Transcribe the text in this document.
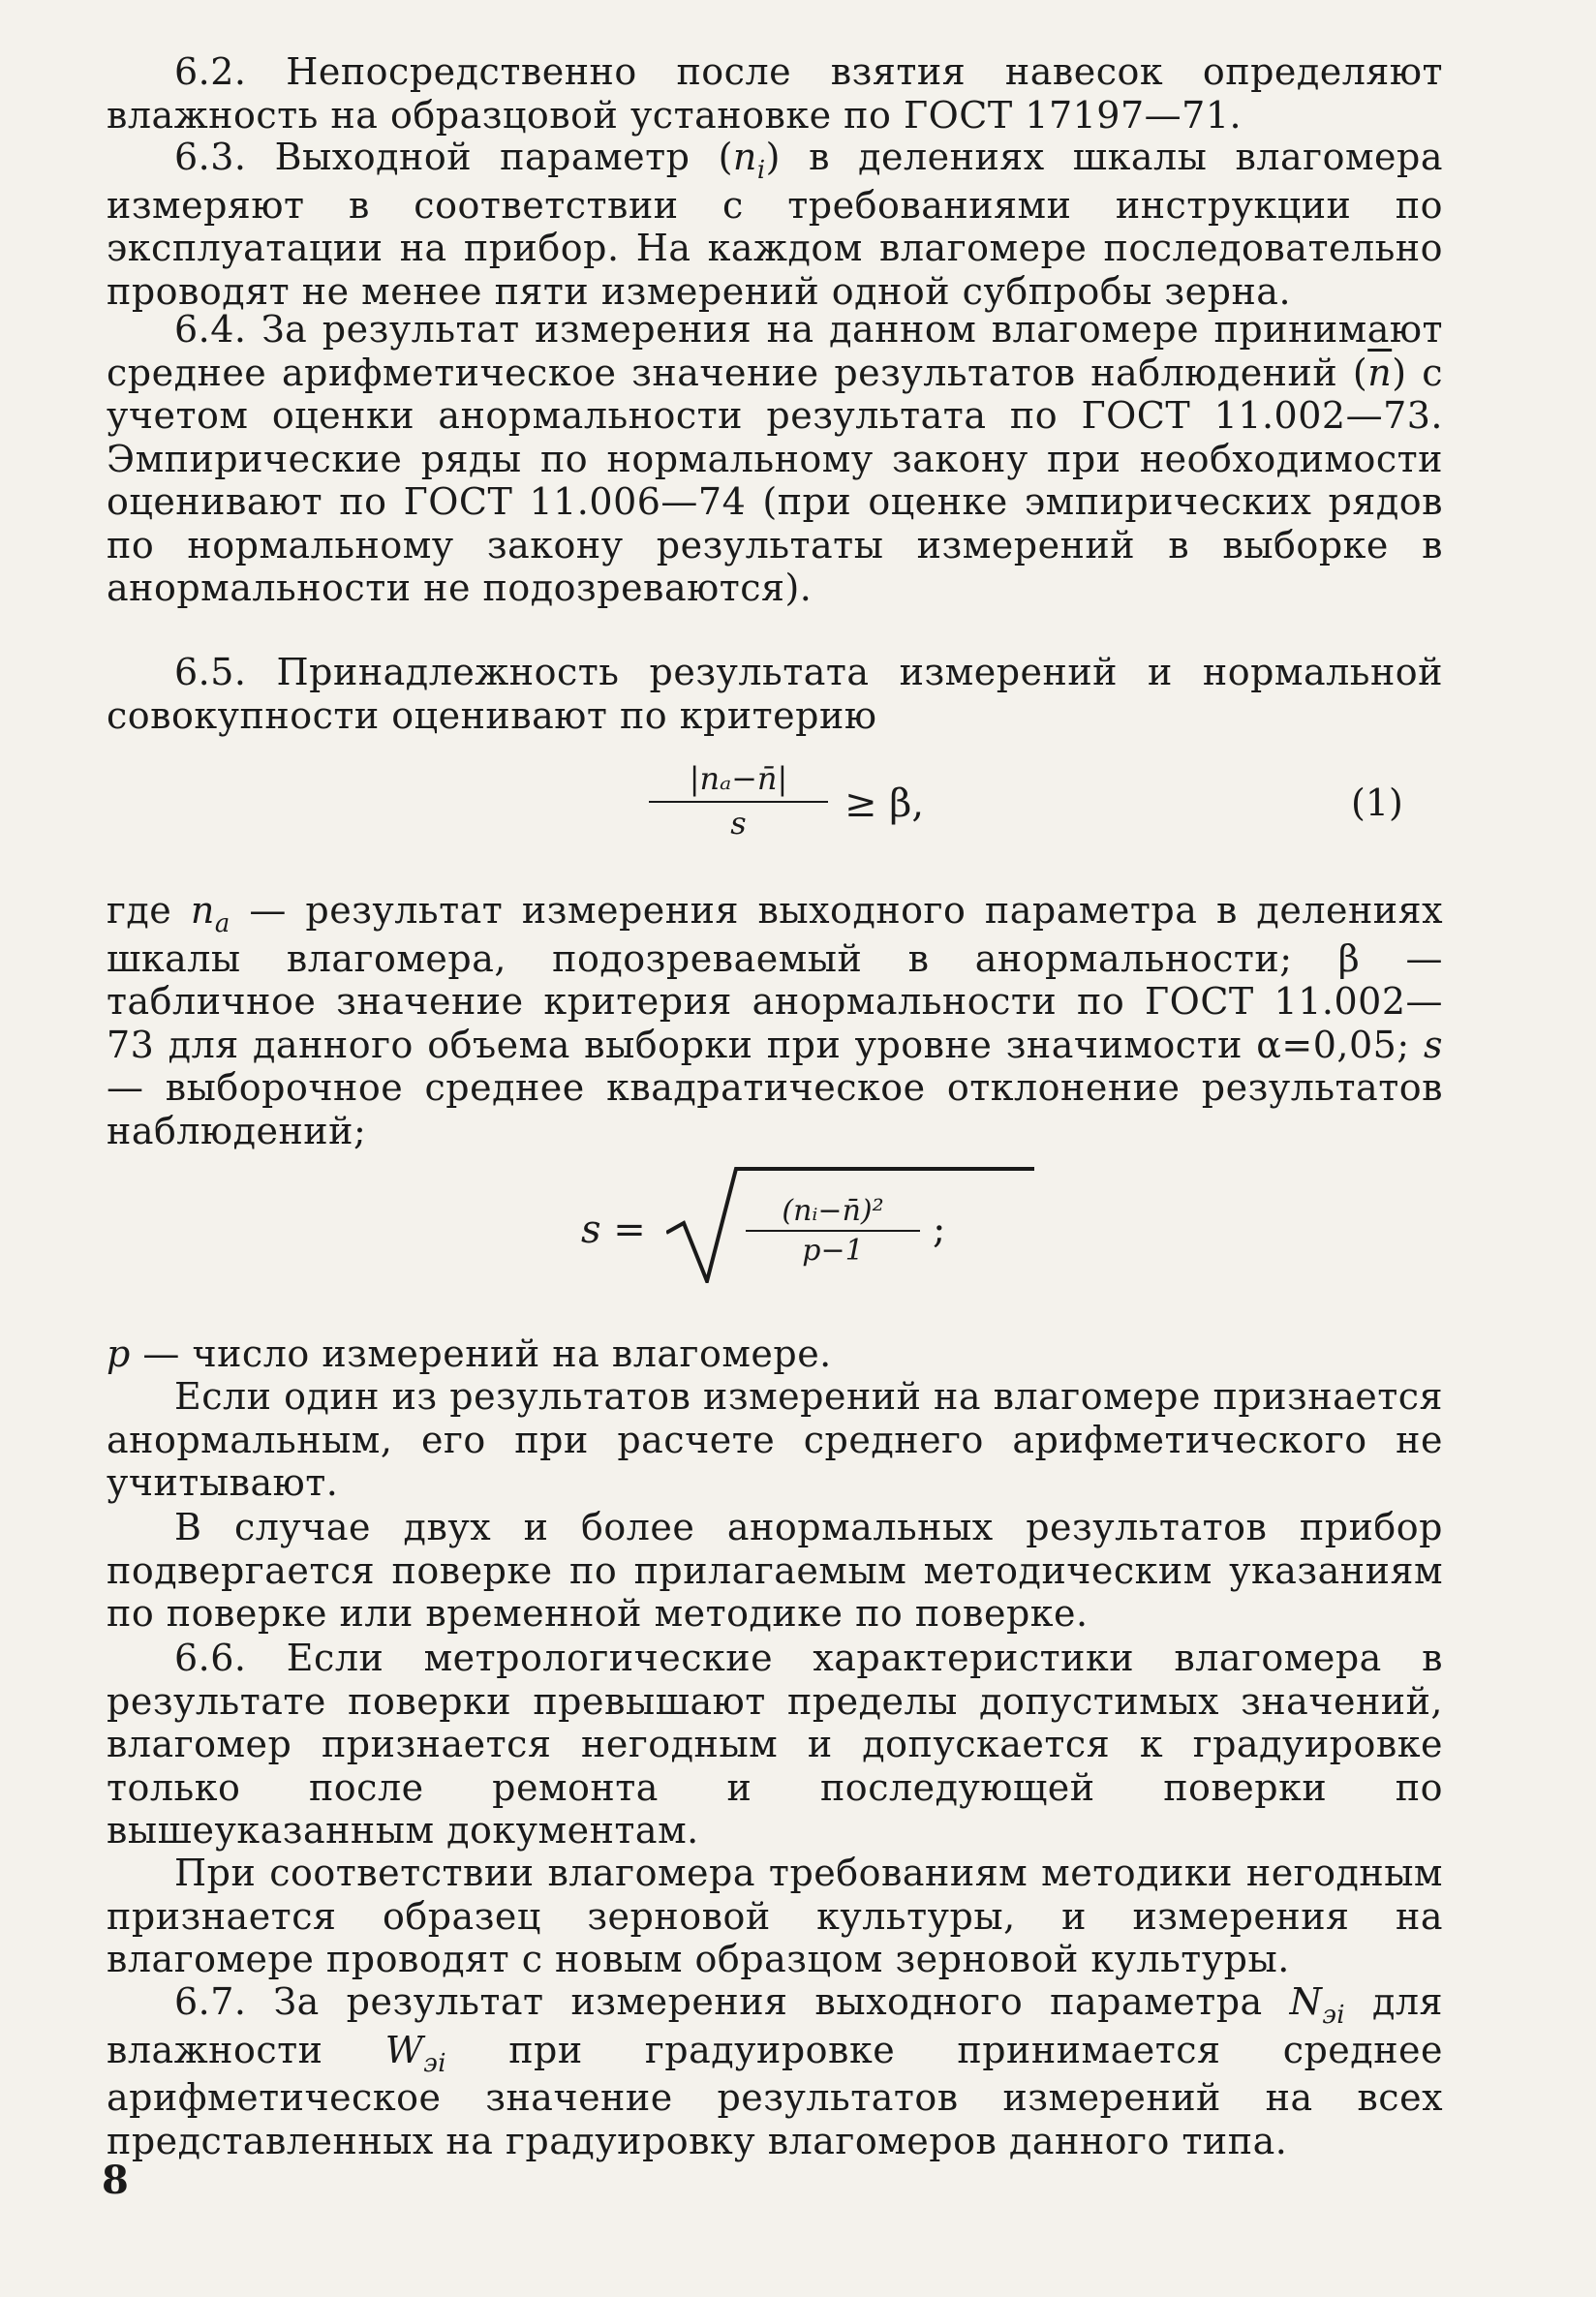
6.2. Непосредственно после взятия навесок определяют влажность на образцовой установке по ГОСТ 17197—71.

6.3. Выходной параметр $(n_i)$ в делениях шкалы влагомера измеряют в соответствии с требованиями инструкции по эксплуатации на прибор. На каждом влагомере последовательно проводят не менее пяти измерений одной субпробы зерна.

6.4. За результат измерения на данном влагомере принимают среднее арифметическое значение результатов наблюдений $(\overline{n})$ с учетом оценки анормальности результата по ГОСТ 11.002—73. Эмпирические ряды по нормальному закону при необходимости оценивают по ГОСТ 11.006—74 (при оценке эмпирических рядов по нормальному закону результаты измерений в выборке в анормальности не подозреваются).

6.5. Принадлежность результата измерений и нормальной совокупности оценивают по критерию

$\frac{\text{|nₐ−n̄|}}{s} \ge \beta$,	(1)

где $n_a$ — результат измерения выходного параметра в делениях шкалы влагомера, подозреваемый в анормальности; β — табличное значение критерия анормальности по ГОСТ 11.002—73 для данного объема выборки при уровне значимости α=0,05; s — выборочное среднее квадратическое отклонение результатов наблюдений;

s =	$\frac{\text{(nᵢ−n̄)²}}{p-1}$ ;

p — число измерений на влагомере.

Если один из результатов измерений на влагомере признается анормальным, его при расчете среднего арифметического не учитывают.

В случае двух и более анормальных результатов прибор подвергается поверке по прилагаемым методическим указаниям по поверке или временной методике по поверке.

6.6. Если метрологические характеристики влагомера в результате поверки превышают пределы допустимых значений, влагомер признается негодным и допускается к градуировке только после ремонта и последующей поверки по вышеуказанным документам.

При соответствии влагомера требованиям методики негодным признается образец зерновой культуры, и измерения на влагомере проводят с новым образцом зерновой культуры.

6.7. За результат измерения выходного параметра $N_{эi}$ для влажности $W_{эi}$ при градуировке принимается среднее арифметическое значение результатов измерений на всех представленных на градуировку влагомеров данного типа.

8
